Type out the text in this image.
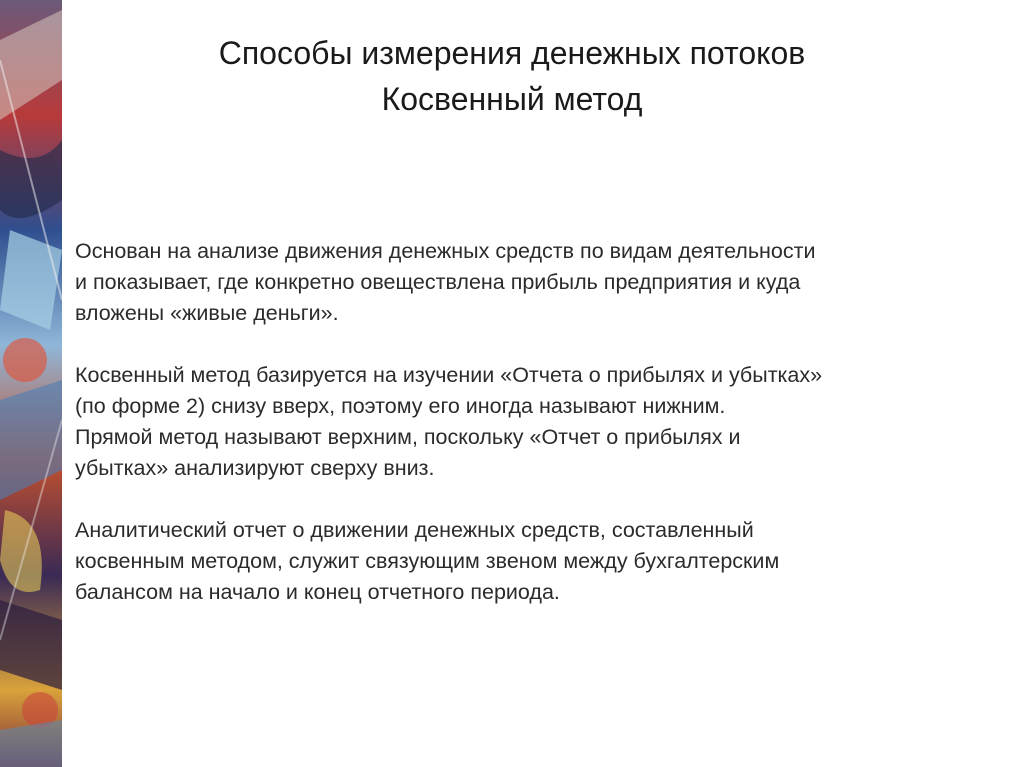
Способы измерения денежных потоков
Косвенный метод

Основан на анализе движения денежных средств по видам деятельности
и показывает, где конкретно овеществлена прибыль предприятия и куда
вложены «живые деньги».

Косвенный метод базируется на изучении «Отчета о прибылях и убытках»
(по форме 2) снизу вверх, поэтому его иногда называют нижним.
Прямой метод называют верхним, поскольку «Отчет о прибылях и
убытках» анализируют сверху вниз.

Аналитический отчет о движении денежных средств, составленный
косвенным методом, служит связующим звеном между бухгалтерским
балансом на начало и конец отчетного периода.
